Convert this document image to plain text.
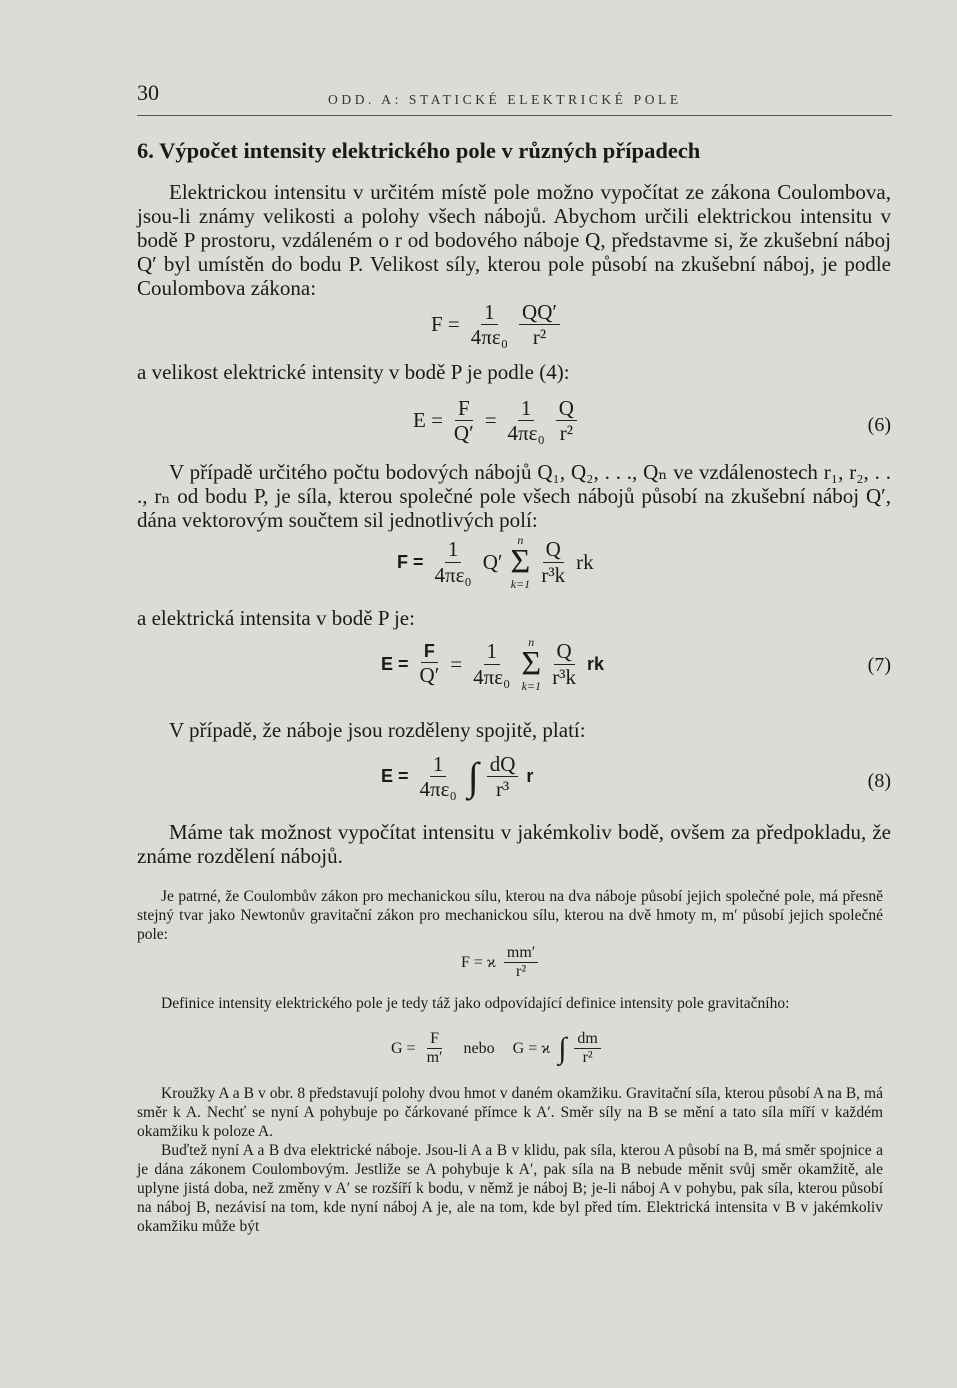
30	ODD. A: STATICKÉ ELEKTRICKÉ POLE
6. Výpočet intensity elektrického pole v různých případech
Elektrickou intensitu v určitém místě pole možno vypočítat ze zákona Coulombova, jsou-li známy velikosti a polohy všech nábojů. Abychom určili elektrickou intensitu v bodě P prostoru, vzdáleném o r od bodového náboje Q, představme si, že zkušební náboj Q′ byl umístěn do bodu P. Velikost síly, kterou pole působí na zkušební náboj, je podle Coulombova zákona:
$F = \frac{1}{\text{4πε₀}} \frac{QQ'}{\text{r²}}$
a velikost elektrické intensity v bodě P je podle (4):
$E = \frac{F}{Q'} = \frac{1}{\text{4πε₀}} \frac{Q}{\text{r²}}$	(6)
V případě určitého počtu bodových nábojů Q₁, Q₂, . . ., Qₙ ve vzdálenostech r₁, r₂, . . ., rₙ od bodu P, je síla, kterou společné pole všech nábojů působí na zkušební náboj Q′, dána vektorovým součtem sil jednotlivých polí:
$F = \frac{1}{\text{4πε₀}} Q'$
n
Σ
$k=1 \frac{Q}{\text{r³k}}$ rk
a elektrická intensita v bodě P je:
$E = \frac{F}{Q'} = \frac{1}{\text{4πε₀}}$ n
Σ
$k=1 \frac{Q}{\text{r³k}}$ rk	(7)
V případě, že náboje jsou rozděleny spojitě, platí:
$E = \frac{1}{\text{4πε₀}}$ ∫ $\frac{dQ}{\text{r³}}$ r	(8)
Máme tak možnost vypočítat intensitu v jakémkoliv bodě, ovšem za předpokladu, že známe rozdělení nábojů.
Je patrné, že Coulombův zákon pro mechanickou sílu, kterou na dva náboje působí jejich společné pole, má přesně stejný tvar jako Newtonův gravitační zákon pro mechanickou sílu, kterou na dvě hmoty m, m′ působí jejich společné pole:
F = ϰ $\frac{mm'}{\text{r²}}$
Definice intensity elektrického pole je tedy táž jako odpovídající definice intensity pole gravitačního:
$G = \frac{F}{m'}$ nebo G = ϰ ∫ $\frac{dm}{\text{r²}}$
Kroužky A a B v obr. 8 představují polohy dvou hmot v daném okamžiku. Gravitační síla, kterou působí A na B, má směr k A. Nechť se nyní A pohybuje po čárkované přímce k A′. Směr síly na B se mění a tato síla míří v každém okamžiku k poloze A.
Buďtež nyní A a B dva elektrické náboje. Jsou-li A a B v klidu, pak síla, kterou A působí na B, má směr spojnice a je dána zákonem Coulombovým. Jestliže se A pohybuje k A′, pak síla na B nebude měnit svůj směr okamžitě, ale uplyne jistá doba, než změny v A′ se rozšíří k bodu, v němž je náboj B; je-li náboj A v pohybu, pak síla, kterou působí na náboj B, nezávisí na tom, kde nyní náboj A je, ale na tom, kde byl před tím. Elektrická intensita v B v jakémkoliv okamžiku může být
